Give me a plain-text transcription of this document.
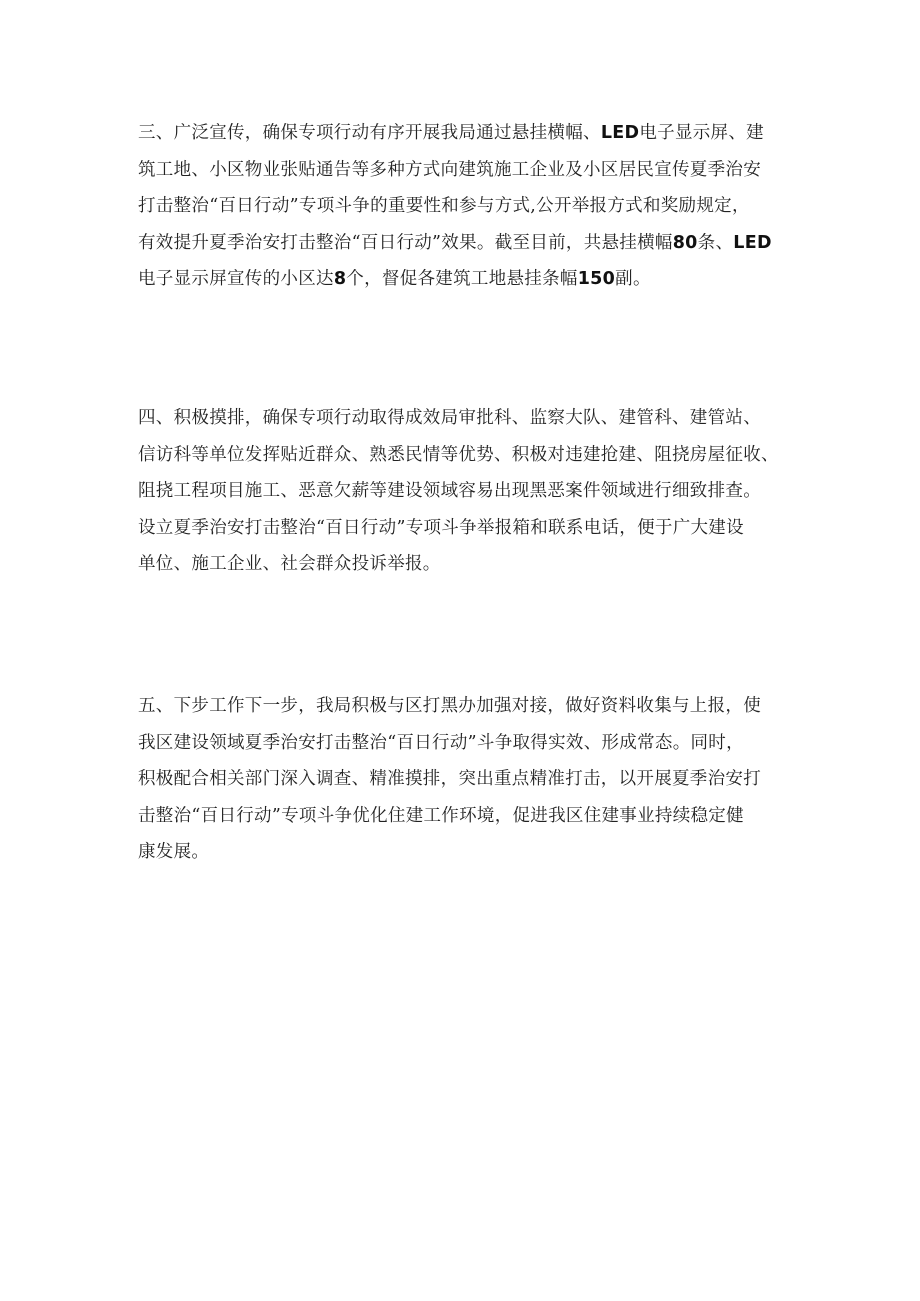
三、广泛宣传，确保专项行动有序开展我局通过悬挂横幅、LED电子显示屏、建
筑工地、小区物业张贴通告等多种方式向建筑施工企业及小区居民宣传夏季治安
打击整治“百日行动”专项斗争的重要性和参与方式,公开举报方式和奖励规定，
有效提升夏季治安打击整治“百日行动”效果。截至目前，共悬挂横幅80条、LED
电子显示屏宣传的小区达8个，督促各建筑工地悬挂条幅150副。

四、积极摸排，确保专项行动取得成效局审批科、监察大队、建管科、建管站、
信访科等单位发挥贴近群众、熟悉民情等优势、积极对违建抢建、阻挠房屋征收、
阻挠工程项目施工、恶意欠薪等建设领域容易出现黑恶案件领域进行细致排查。
设立夏季治安打击整治“百日行动”专项斗争举报箱和联系电话，便于广大建设
单位、施工企业、社会群众投诉举报。

五、下步工作下一步，我局积极与区打黑办加强对接，做好资料收集与上报，使
我区建设领域夏季治安打击整治“百日行动”斗争取得实效、形成常态。同时，
积极配合相关部门深入调查、精准摸排，突出重点精准打击，以开展夏季治安打
击整治“百日行动”专项斗争优化住建工作环境，促进我区住建事业持续稳定健
康发展。
